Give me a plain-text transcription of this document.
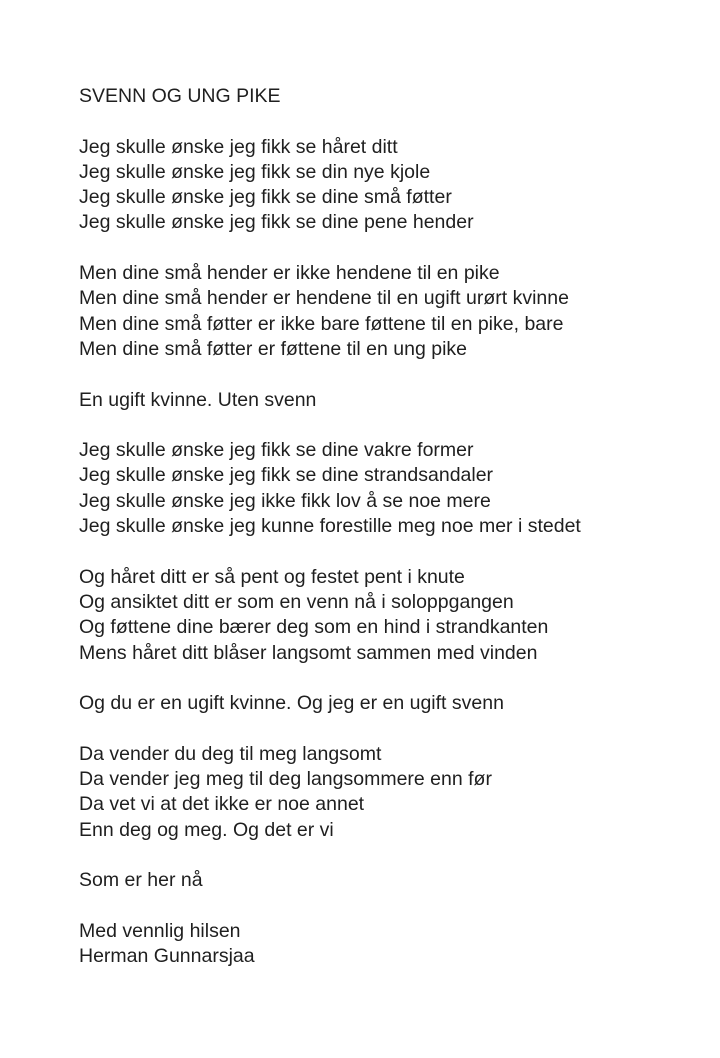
SVENN OG UNG PIKE
Jeg skulle ønske jeg fikk se håret ditt
Jeg skulle ønske jeg fikk se din nye kjole
Jeg skulle ønske jeg fikk se dine små føtter
Jeg skulle ønske jeg fikk se dine pene hender
Men dine små hender er ikke hendene til en pike
Men dine små hender er hendene til en ugift urørt kvinne
Men dine små føtter er ikke bare føttene til en pike, bare
Men dine små føtter er føttene til en ung pike
En ugift kvinne. Uten svenn
Jeg skulle ønske jeg fikk se dine vakre former
Jeg skulle ønske jeg fikk se dine strandsandaler
Jeg skulle ønske jeg ikke fikk lov å se noe mere
Jeg skulle ønske jeg kunne forestille meg noe mer i stedet
Og håret ditt er så pent og festet pent i knute
Og ansiktet ditt er som en venn nå i soloppgangen
Og føttene dine bærer deg som en hind i strandkanten
Mens håret ditt blåser langsomt sammen med vinden
Og du er en ugift kvinne. Og jeg er en ugift svenn
Da vender du deg til meg langsomt
Da vender jeg meg til deg langsommere enn før
Da vet vi at det ikke er noe annet
Enn deg og meg. Og det er vi
Som er her nå
Med vennlig hilsen
Herman Gunnarsjaa
